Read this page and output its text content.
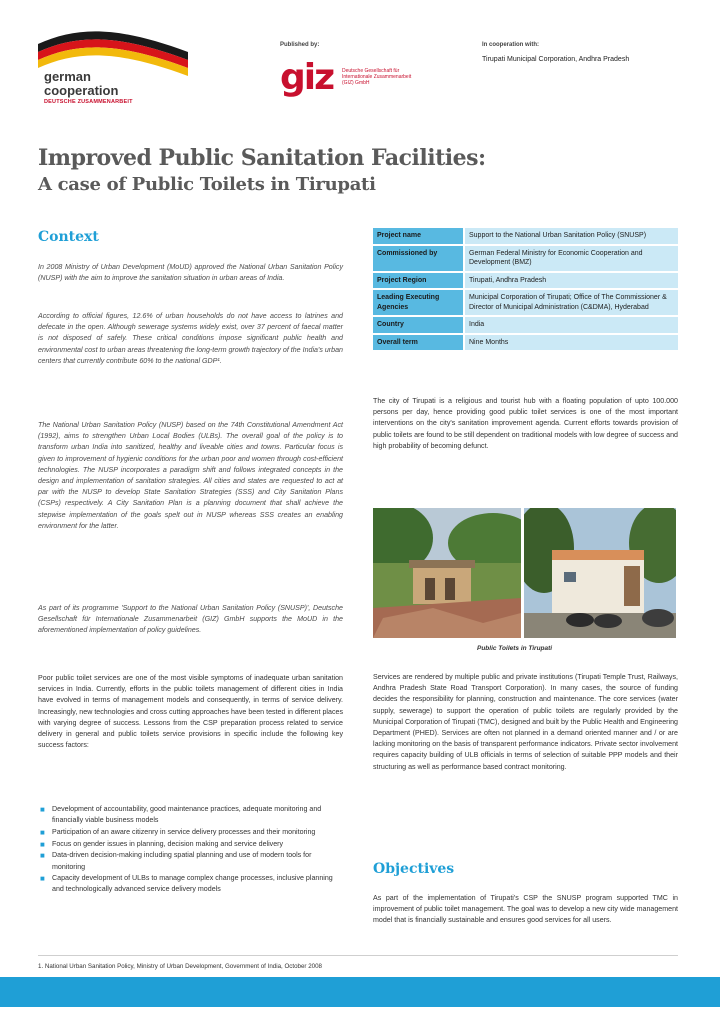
german
cooperation
DEUTSCHE ZUSAMMENARBEIT
Published by:
giz Deutsche Gesellschaft für Internationale Zusammenarbeit (GIZ) GmbH
In cooperation with:
Tirupati Municipal Corporation, Andhra Pradesh
Improved Public Sanitation Facilities:
A case of Public Toilets in Tirupati
Context
In 2008 Ministry of Urban Development (MoUD) approved the National Urban Sanitation Policy (NUSP) with the aim to improve the sanitation situation in urban areas of India.
According to official figures, 12.6% of urban households do not have access to latrines and defecate in the open. Although sewerage systems widely exist, over 37 percent of faecal matter is not disposed of safely. These critical conditions impose significant public health and environmental cost to urban areas threatening the long-term growth trajectory of the India's urban centers that currently contribute 60% to the national GDP¹.
The National Urban Sanitation Policy (NUSP) based on the 74th Constitutional Amendment Act (1992), aims to strengthen Urban Local Bodies (ULBs). The overall goal of the policy is to transform urban India into sanitized, healthy and liveable cities and towns. Particular focus is given to improvement of hygienic conditions for the urban poor and women through cost-efficient technologies. The NUSP incorporates a paradigm shift and follows integrated concepts in the design and implementation of sanitation strategies. All cities and states are requested to act at par with the NUSP to develop State Sanitation Strategies (SSS) and City Sanitation Plans (CSPs) respectively. A City Sanitation Plan is a planning document that shall achieve the stepwise implementation of the goals spelt out in NUSP whereas SSS creates an enabling environment for the latter.
As part of its programme 'Support to the National Urban Sanitation Policy (SNUSP)', Deutsche Gesellschaft für Internationale Zusammenarbeit (GIZ) GmbH supports the MoUD in the aforementioned implementation of policy guidelines.
Poor public toilet services are one of the most visible symptoms of inadequate urban sanitation services in India. Currently, efforts in the public toilets management of different cities in India have evolved in terms of management models and consequently, in terms of service delivery. Increasingly, new technologies and cross cutting approaches have been tested in different places with varying degree of success. Lessons from the CSP preparation process related to service delivery in general and public toilets service provisions in specific include the following key success factors:
■ Development of accountability, good maintenance practices, adequate monitoring and financially viable business models
■ Participation of an aware citizenry in service delivery processes and their monitoring
■ Focus on gender issues in planning, decision making and service delivery
■ Data-driven decision-making including spatial planning and use of modern tools for monitoring
■ Capacity development of ULBs to manage complex change processes, inclusive planning and technologically advanced service delivery models
Project name	Support to the National Urban Sanitation Policy (SNUSP)
Commissioned by	German Federal Ministry for Economic Cooperation and Development (BMZ)
Project Region	Tirupati, Andhra Pradesh
Leading Executing Agencies	Municipal Corporation of Tirupati; Office of The Commissioner & Director of Municipal Administration (C&DMA), Hyderabad
Country	India
Overall term	Nine Months
The city of Tirupati is a religious and tourist hub with a floating population of upto 100.000 persons per day, hence providing good public toilet services is one of the most important interventions on the city's sanitation improvement agenda. Current efforts towards provision of public toilets are found to be still dependent on traditional models with low degree of success and high probability of becoming defunct.
Public Toilets in Tirupati
Services are rendered by multiple public and private institutions (Tirupati Temple Trust, Railways, Andhra Pradesh State Road Transport Corporation). In many cases, the source of funding decides the responsibility for planning, construction and maintenance. The core services (water supply, sewerage) to support the operation of public toilets are regularly provided by the Municipal Corporation of Tirupati (TMC), designed and built by the Public Health and Engineering Department (PHED). Services are often not planned in a demand oriented manner and / or are lacking monitoring on the basis of transparent performance indicators. Private sector involvement requires capacity building of ULB officials in terms of selection of suitable PPP models and their structuring as well as performance based contract monitoring.
Objectives
As part of the implementation of Tirupati's CSP the SNUSP program supported TMC in improvement of public toilet management. The goal was to develop a new city wide management model that is financially sustainable and ensures good services for all users.
1. National Urban Sanitation Policy, Ministry of Urban Development, Government of India, October 2008
